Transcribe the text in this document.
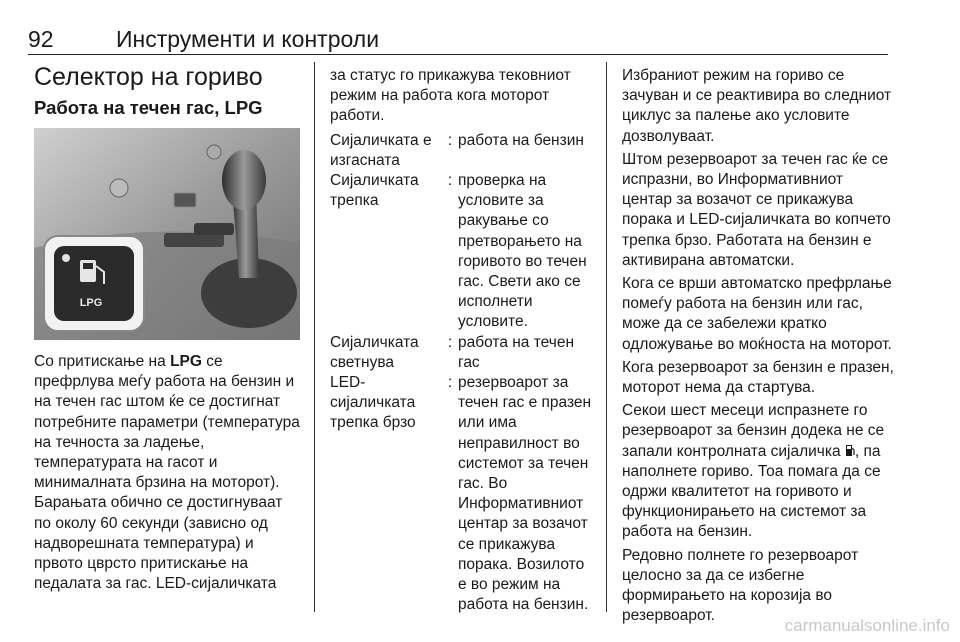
92	Инструменти и контроли
Селектор на гориво
Работа на течен гас, LPG
LPG

Со притискање на LPG се префрлува меѓу работа на бензин и на течен гас штом ќе се достигнат потребните параметри (температура на течноста за ладење, температурата на гасот и минималната брзина на моторот). Барањата обично се достигнуваат по околу 60 секунди (зависно од надворешната температура) и првото цврсто притискање на педалата за гас. LED-сијаличката

за статус го прикажува тековниот режим на работа кога моторот работи.

Сијаличката е изгасната	:	работа на бензин
Сијаличката трепка	:	проверка на условите за ракување со претворањето на горивото во течен гас. Свети ако се исполнети условите.
Сијаличката светнува	:	работа на течен гас
LED-сијаличката трепка брзо	:	резервоарот за течен гас е празен или има неправилност во системот за течен гас. Во Информативниот центар за возачот се прикажува порака. Возилото е во режим на работа на бензин.

Избраниот режим на гориво се зачуван и се реактивира во следниот циклус за палење ако условите дозволуваат.

Штом резервоарот за течен гас ќе се испразни, во Информативниот центар за возачот се прикажува порака и LED-сијаличката во копчето трепка брзо. Работата на бензин е активирана автоматски.

Кога се врши автоматско префрлање помеѓу работа на бензин или гас, може да се забележи кратко одложување во моќноста на моторот.

Кога резервоарот за бензин е празен, моторот нема да стартува.

Секои шест месеци испразнете го резервоарот за бензин додека не се запали контролната сијаличка , па наполнете гориво. Тоа помага да се одржи квалитетот на горивото и функционирањето на системот за работа на бензин.

Редовно полнете го резервоарот целосно за да се избегне формирањето на корозија во резервоарот.

carmanualsonline.info
